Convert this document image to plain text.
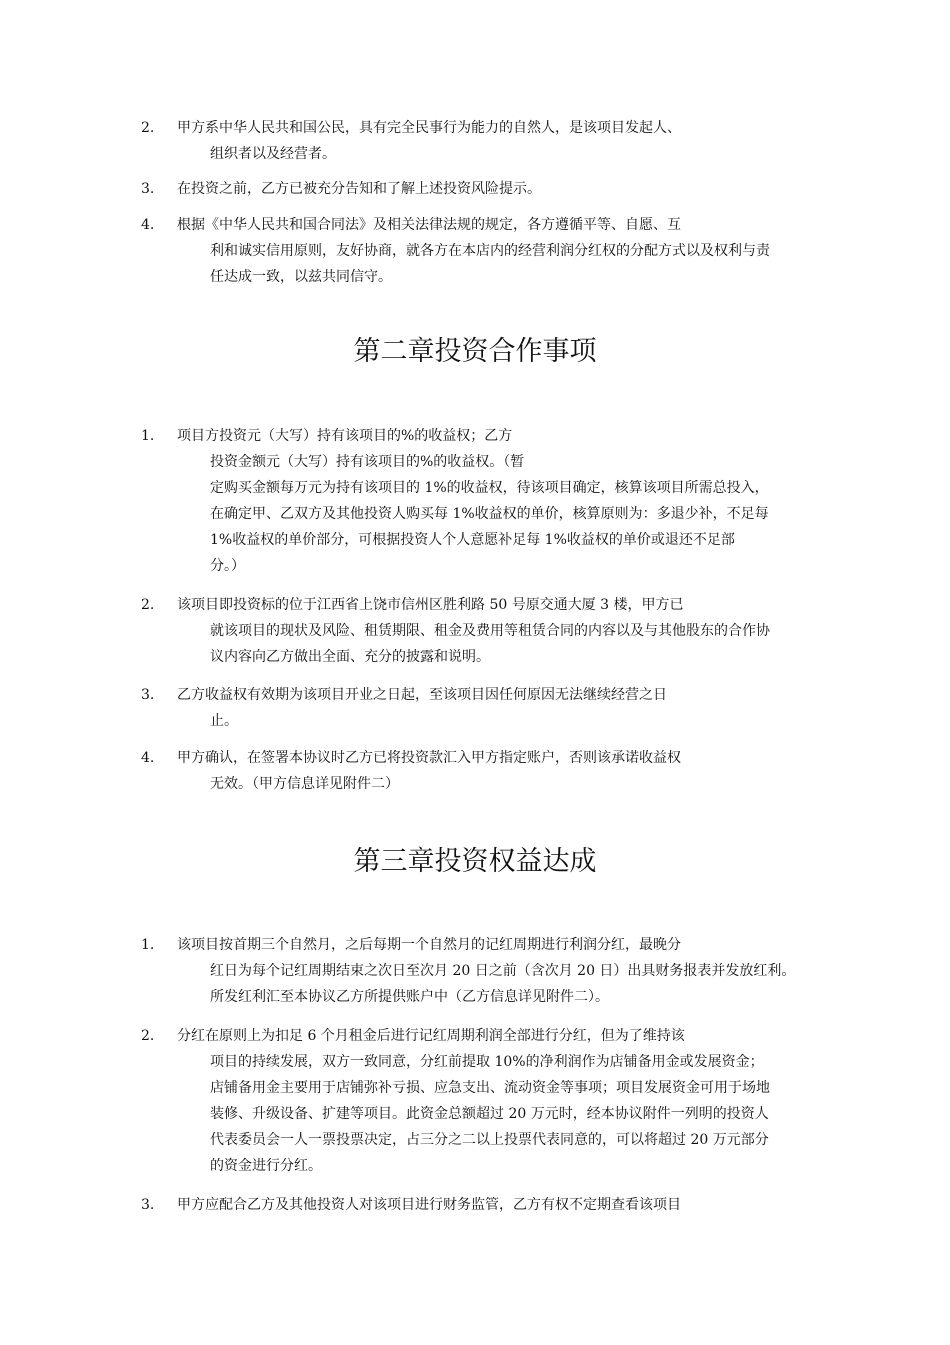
2. 甲方系中华人民共和国公民，具有完全民事行为能力的自然人，是该项目发起人、
组织者以及经营者。
3. 在投资之前，乙方已被充分告知和了解上述投资风险提示。
4. 根据《中华人民共和国合同法》及相关法律法规的规定，各方遵循平等、自愿、互
利和诚实信用原则，友好协商，就各方在本店内的经营利润分红权的分配方式以及权利与责
任达成一致，以兹共同信守。
第二章投资合作事项
1. 项目方投资元（大写）持有该项目的%的收益权；乙方
投资金额元（大写）持有该项目的%的收益权。（暂
定购买金额每万元为持有该项目的 1%的收益权，待该项目确定，核算该项目所需总投入，
在确定甲、乙双方及其他投资人购买每 1%收益权的单价，核算原则为：多退少补，不足每
1%收益权的单价部分，可根据投资人个人意愿补足每 1%收益权的单价或退还不足部
分。）
2. 该项目即投资标的位于江西省上饶市信州区胜利路 50 号原交通大厦 3 楼，甲方已
就该项目的现状及风险、租赁期限、租金及费用等租赁合同的内容以及与其他股东的合作协
议内容向乙方做出全面、充分的披露和说明。
3. 乙方收益权有效期为该项目开业之日起，至该项目因任何原因无法继续经营之日
止。
4. 甲方确认，在签署本协议时乙方已将投资款汇入甲方指定账户，否则该承诺收益权
无效。（甲方信息详见附件二）
第三章投资权益达成
1. 该项目按首期三个自然月，之后每期一个自然月的记红周期进行利润分红，最晚分
红日为每个记红周期结束之次日至次月 20 日之前（含次月 20 日）出具财务报表并发放红利。
所发红利汇至本协议乙方所提供账户中（乙方信息详见附件二）。
2. 分红在原则上为扣足 6 个月租金后进行记红周期利润全部进行分红，但为了维持该
项目的持续发展，双方一致同意，分红前提取 10%的净利润作为店铺备用金或发展资金；
店铺备用金主要用于店铺弥补亏损、应急支出、流动资金等事项；项目发展资金可用于场地
装修、升级设备、扩建等项目。此资金总额超过 20 万元时，经本协议附件一列明的投资人
代表委员会一人一票投票决定，占三分之二以上投票代表同意的，可以将超过 20 万元部分
的资金进行分红。
3. 甲方应配合乙方及其他投资人对该项目进行财务监管，乙方有权不定期查看该项目
